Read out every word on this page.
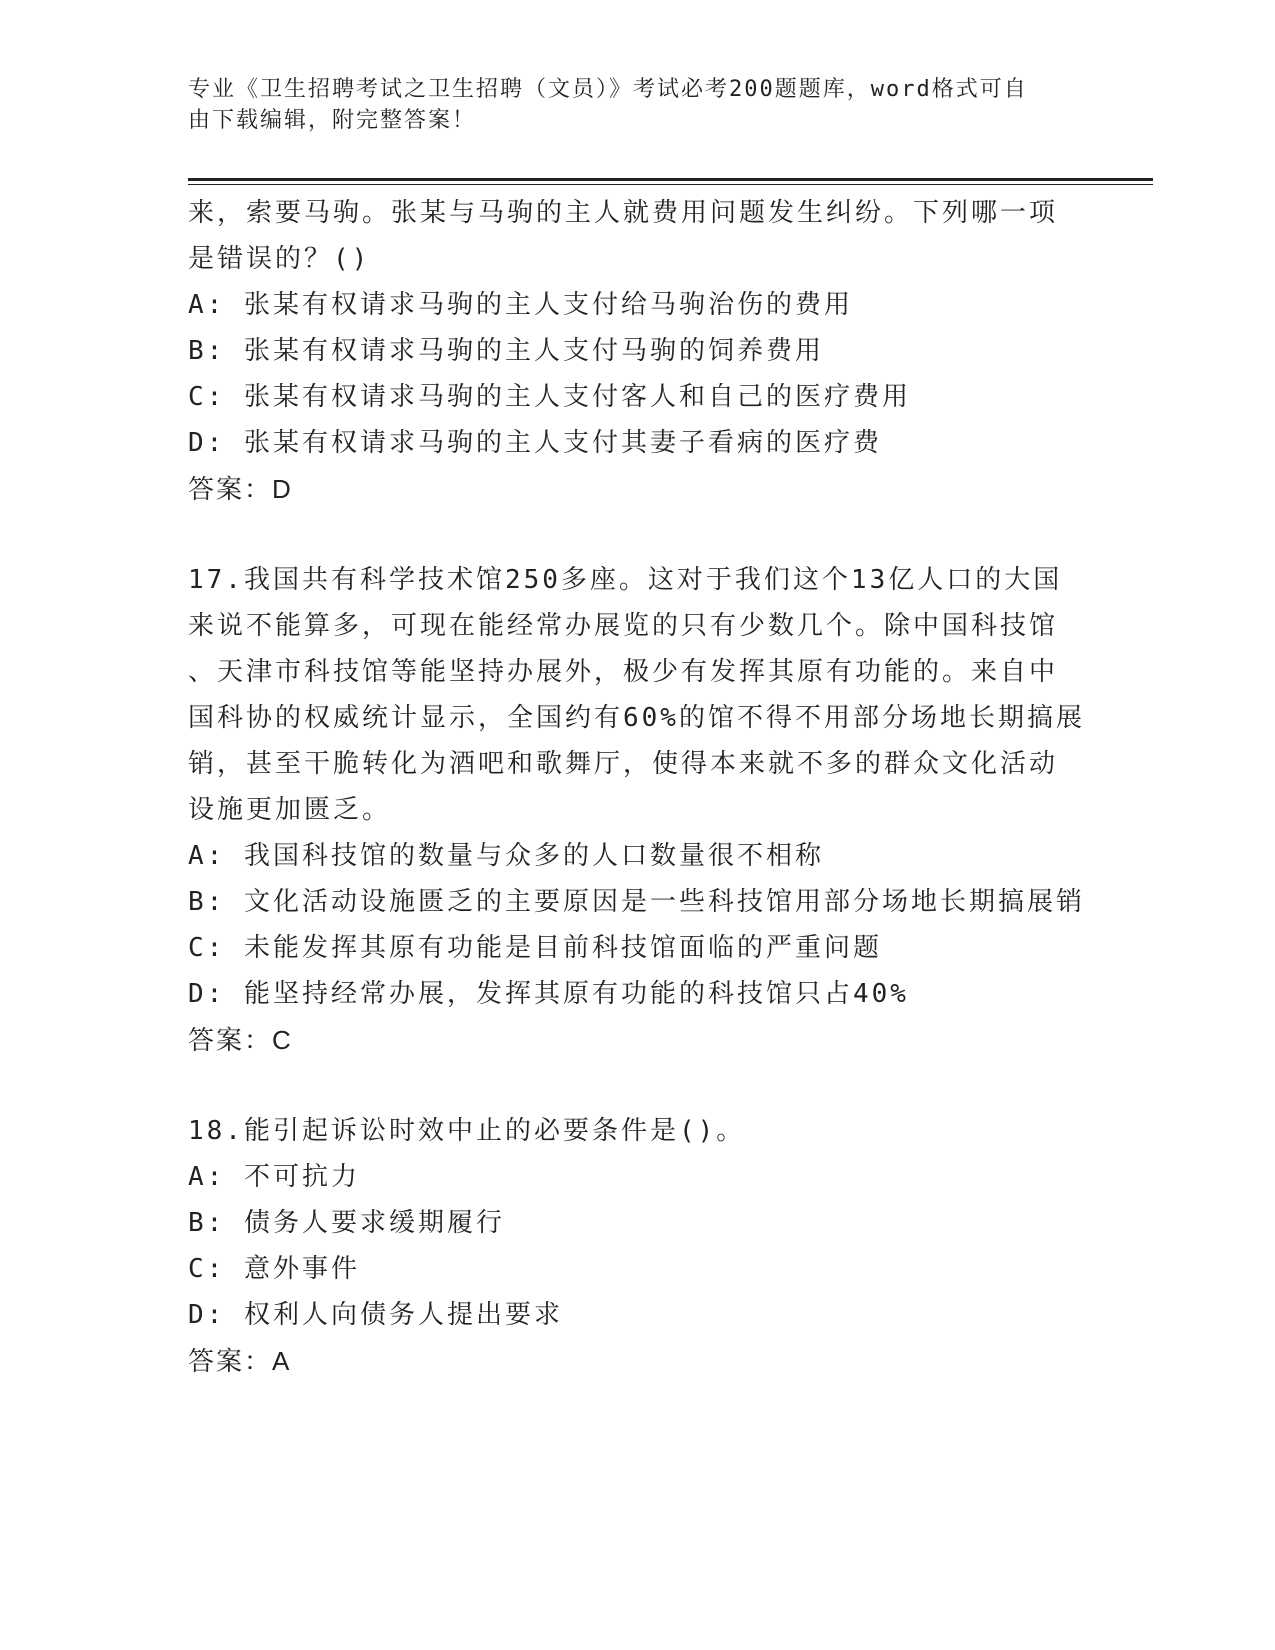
专业《卫生招聘考试之卫生招聘（文员）》考试必考200题题库，word格式可自
由下载编辑，附完整答案！
来，索要马驹。张某与马驹的主人就费用问题发生纠纷。下列哪一项
是错误的？()
A: 张某有权请求马驹的主人支付给马驹治伤的费用
B: 张某有权请求马驹的主人支付马驹的饲养费用
C: 张某有权请求马驹的主人支付客人和自己的医疗费用
D: 张某有权请求马驹的主人支付其妻子看病的医疗费
答案：D
17.我国共有科学技术馆250多座。这对于我们这个13亿人口的大国
来说不能算多，可现在能经常办展览的只有少数几个。除中国科技馆
、天津市科技馆等能坚持办展外，极少有发挥其原有功能的。来自中
国科协的权威统计显示，全国约有60%的馆不得不用部分场地长期搞展
销，甚至干脆转化为酒吧和歌舞厅，使得本来就不多的群众文化活动
设施更加匮乏。
A: 我国科技馆的数量与众多的人口数量很不相称
B: 文化活动设施匮乏的主要原因是一些科技馆用部分场地长期搞展销
C: 未能发挥其原有功能是目前科技馆面临的严重问题
D: 能坚持经常办展，发挥其原有功能的科技馆只占40%
答案：C
18.能引起诉讼时效中止的必要条件是()。
A: 不可抗力
B: 债务人要求缓期履行
C: 意外事件
D: 权利人向债务人提出要求
答案：A
